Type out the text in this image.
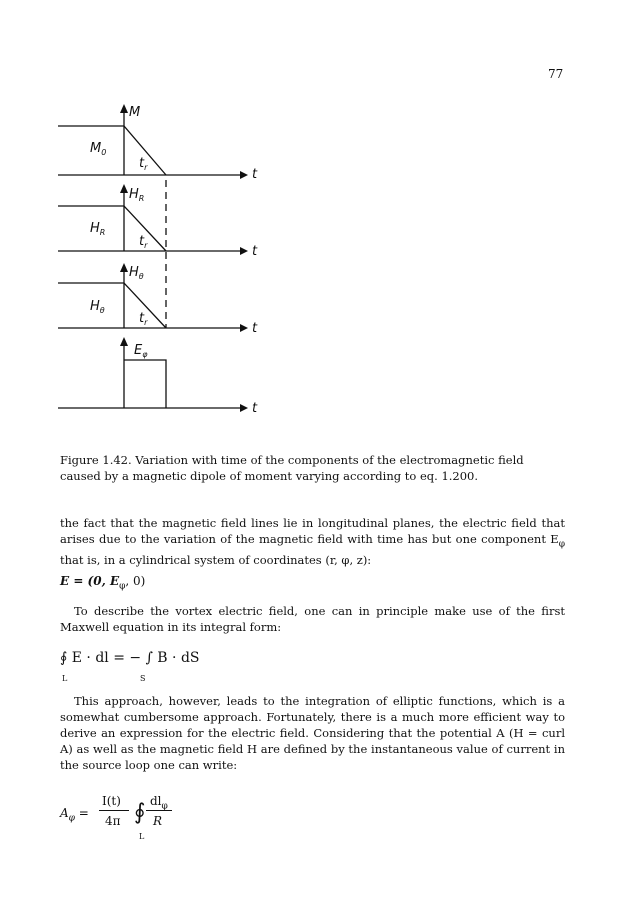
77
M
$M_0$
$t_r$	t
$H_R$
$H_R$
$t_r$	t
$H_\theta$
$H_\theta$
$t_r$	t
$E_\varphi$
t
Figure 1.42. Variation with time of the components of the electromagnetic field caused by a magnetic dipole of moment varying according to eq. 1.200.
the fact that the magnetic field lines lie in longitudinal planes, the electric field that arises due to the variation of the magnetic field with time has but one component $E_\varphi$ that is, in a cylindrical system of coordinates (r, φ, z):
E = (0, $E_\varphi$, 0)
To describe the vortex electric field, one can in principle make use of the first Maxwell equation in its integral form:
∮ E · dl = − ∫ B · dS
L	S
This approach, however, leads to the integration of elliptic functions, which is a somewhat cumbersome approach. Fortunately, there is a much more efficient way to derive an expression for the electric field. Considering that the potential A (H = curl A) as well as the magnetic field H are defined by the instantaneous value of current in the source loop one can write:
$A_\varphi$ =
I(t)
4π ∮ $dl_\varphi$
R
L
